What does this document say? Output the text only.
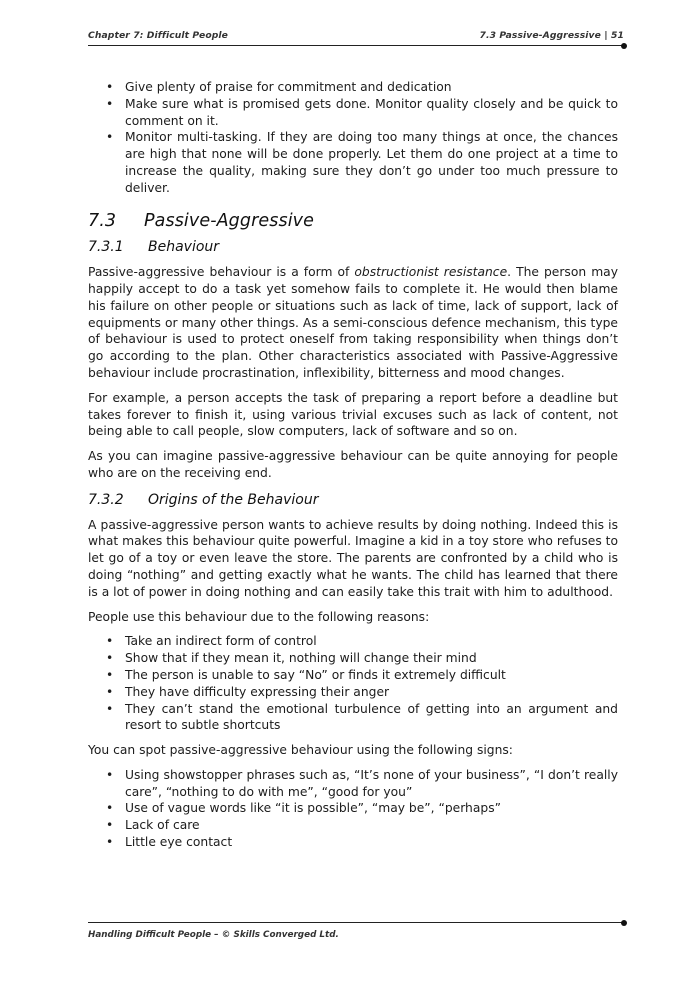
Chapter 7: Difficult People	7.3 Passive-Aggressive | 51
• Give plenty of praise for commitment and dedication
• Make sure what is promised gets done. Monitor quality closely and be quick to comment on it.
• Monitor multi-tasking. If they are doing too many things at once, the chances are high that none will be done properly. Let them do one project at a time to increase the quality, making sure they don’t go under too much pressure to deliver.
7.3 Passive-Aggressive
7.3.1 Behaviour

Passive-aggressive behaviour is a form of obstructionist resistance. The person may happily accept to do a task yet somehow fails to complete it. He would then blame his failure on other people or situations such as lack of time, lack of support, lack of equipments or many other things. As a semi-conscious defence mechanism, this type of behaviour is used to protect oneself from taking responsibility when things don’t go according to the plan. Other characteristics associated with Passive-Aggressive behaviour include procrastination, inflexibility, bitterness and mood changes.

For example, a person accepts the task of preparing a report before a deadline but takes forever to finish it, using various trivial excuses such as lack of content, not being able to call people, slow computers, lack of software and so on.

As you can imagine passive-aggressive behaviour can be quite annoying for people who are on the receiving end.

7.3.2 Origins of the Behaviour

A passive-aggressive person wants to achieve results by doing nothing. Indeed this is what makes this behaviour quite powerful. Imagine a kid in a toy store who refuses to let go of a toy or even leave the store. The parents are confronted by a child who is doing “nothing” and getting exactly what he wants. The child has learned that there is a lot of power in doing nothing and can easily take this trait with him to adulthood.

People use this behaviour due to the following reasons:

• Take an indirect form of control
• Show that if they mean it, nothing will change their mind
• The person is unable to say “No” or finds it extremely difficult
• They have difficulty expressing their anger
• They can’t stand the emotional turbulence of getting into an argument and resort to subtle shortcuts

You can spot passive-aggressive behaviour using the following signs:

• Using showstopper phrases such as, “It’s none of your business”, “I don’t really care”, “nothing to do with me”, “good for you”
• Use of vague words like “it is possible”, “may be”, “perhaps”
• Lack of care
• Little eye contact
Handling Difficult People – © Skills Converged Ltd.
